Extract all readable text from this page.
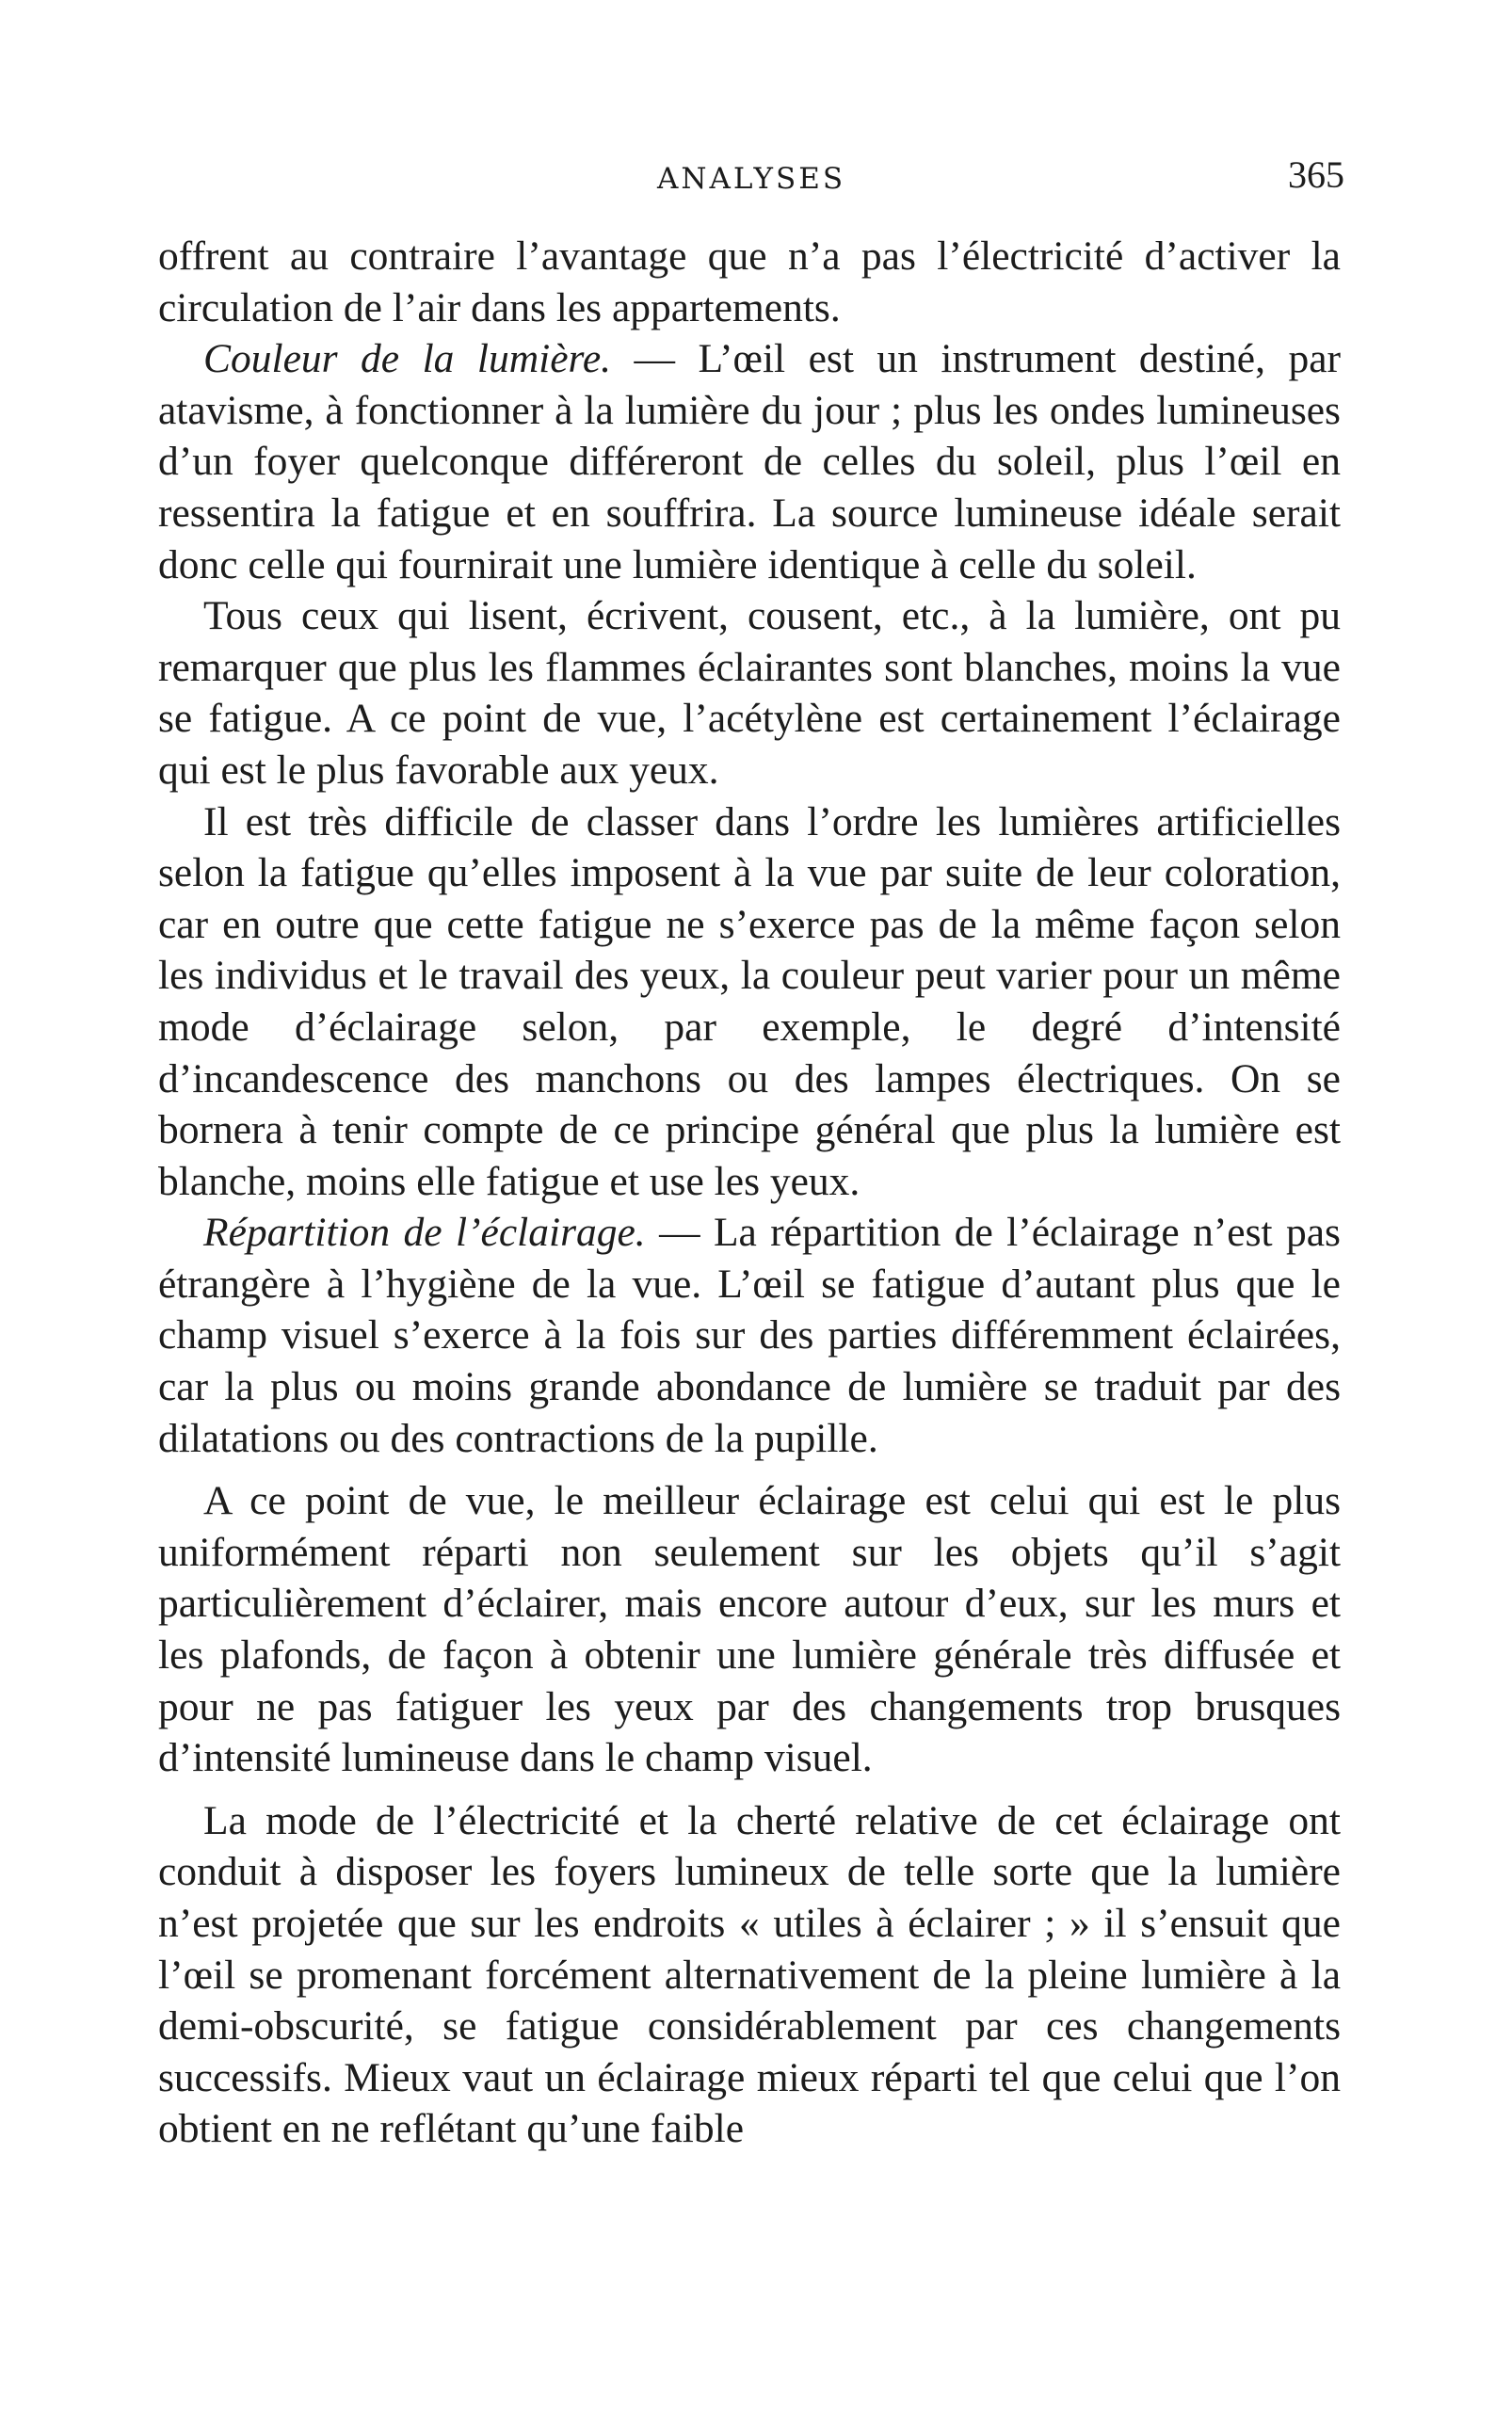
ANALYSES	365

offrent au contraire l’avantage que n’a pas l’électricité d’activer la circulation de l’air dans les appartements.

Couleur de la lumière. — L’œil est un instrument destiné, par atavisme, à fonctionner à la lumière du jour ; plus les ondes lumineuses d’un foyer quelconque différeront de celles du soleil, plus l’œil en ressentira la fatigue et en souffrira. La source lumineuse idéale serait donc celle qui fournirait une lumière identique à celle du soleil.

Tous ceux qui lisent, écrivent, cousent, etc., à la lumière, ont pu remarquer que plus les flammes éclairantes sont blanches, moins la vue se fatigue. A ce point de vue, l’acétylène est certainement l’éclairage qui est le plus favorable aux yeux.

Il est très difficile de classer dans l’ordre les lumières artificielles selon la fatigue qu’elles imposent à la vue par suite de leur coloration, car en outre que cette fatigue ne s’exerce pas de la même façon selon les individus et le travail des yeux, la couleur peut varier pour un même mode d’éclairage selon, par exemple, le degré d’intensité d’incandescence des manchons ou des lampes électriques. On se bornera à tenir compte de ce principe général que plus la lumière est blanche, moins elle fatigue et use les yeux.

Répartition de l’éclairage. — La répartition de l’éclairage n’est pas étrangère à l’hygiène de la vue. L’œil se fatigue d’autant plus que le champ visuel s’exerce à la fois sur des parties différemment éclairées, car la plus ou moins grande abondance de lumière se traduit par des dilatations ou des contractions de la pupille.

A ce point de vue, le meilleur éclairage est celui qui est le plus uniformément réparti non seulement sur les objets qu’il s’agit particulièrement d’éclairer, mais encore autour d’eux, sur les murs et les plafonds, de façon à obtenir une lumière générale très diffusée et pour ne pas fatiguer les yeux par des changements trop brusques d’intensité lumineuse dans le champ visuel.

La mode de l’électricité et la cherté relative de cet éclairage ont conduit à disposer les foyers lumineux de telle sorte que la lumière n’est projetée que sur les endroits « utiles à éclairer ; » il s’ensuit que l’œil se promenant forcément alternativement de la pleine lumière à la demi-obscurité, se fatigue considérablement par ces changements successifs. Mieux vaut un éclairage mieux réparti tel que celui que l’on obtient en ne reflétant qu’une faible
